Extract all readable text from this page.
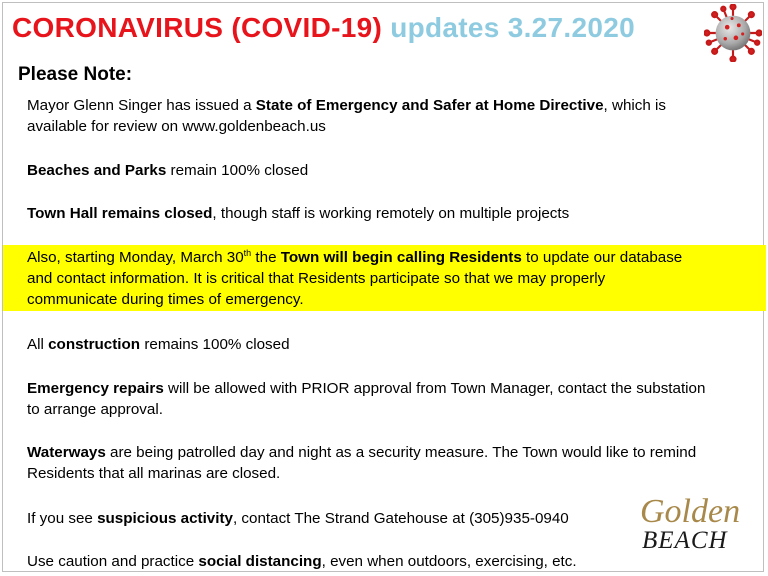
CORONAVIRUS (COVID-19) updates 3.27.2020
Please Note:
Mayor Glenn Singer has issued a State of Emergency and Safer at Home Directive, which is
available for review on www.goldenbeach.us
Beaches and Parks remain 100% closed
Town Hall remains closed, though staff is working remotely on multiple projects
Also, starting Monday, March 30th the Town will begin calling Residents to update our database
and contact information. It is critical that Residents participate so that we may properly
communicate during times of emergency.
All construction remains 100% closed
Emergency repairs will be allowed with PRIOR approval from Town Manager, contact the substation
to arrange approval.
Waterways are being patrolled day and night as a security measure. The Town would like to remind
Residents that all marinas are closed.
If you see suspicious activity, contact The Strand Gatehouse at (305)935-0940
Use caution and practice social distancing, even when outdoors, exercising, etc.
Golden
BEACH
